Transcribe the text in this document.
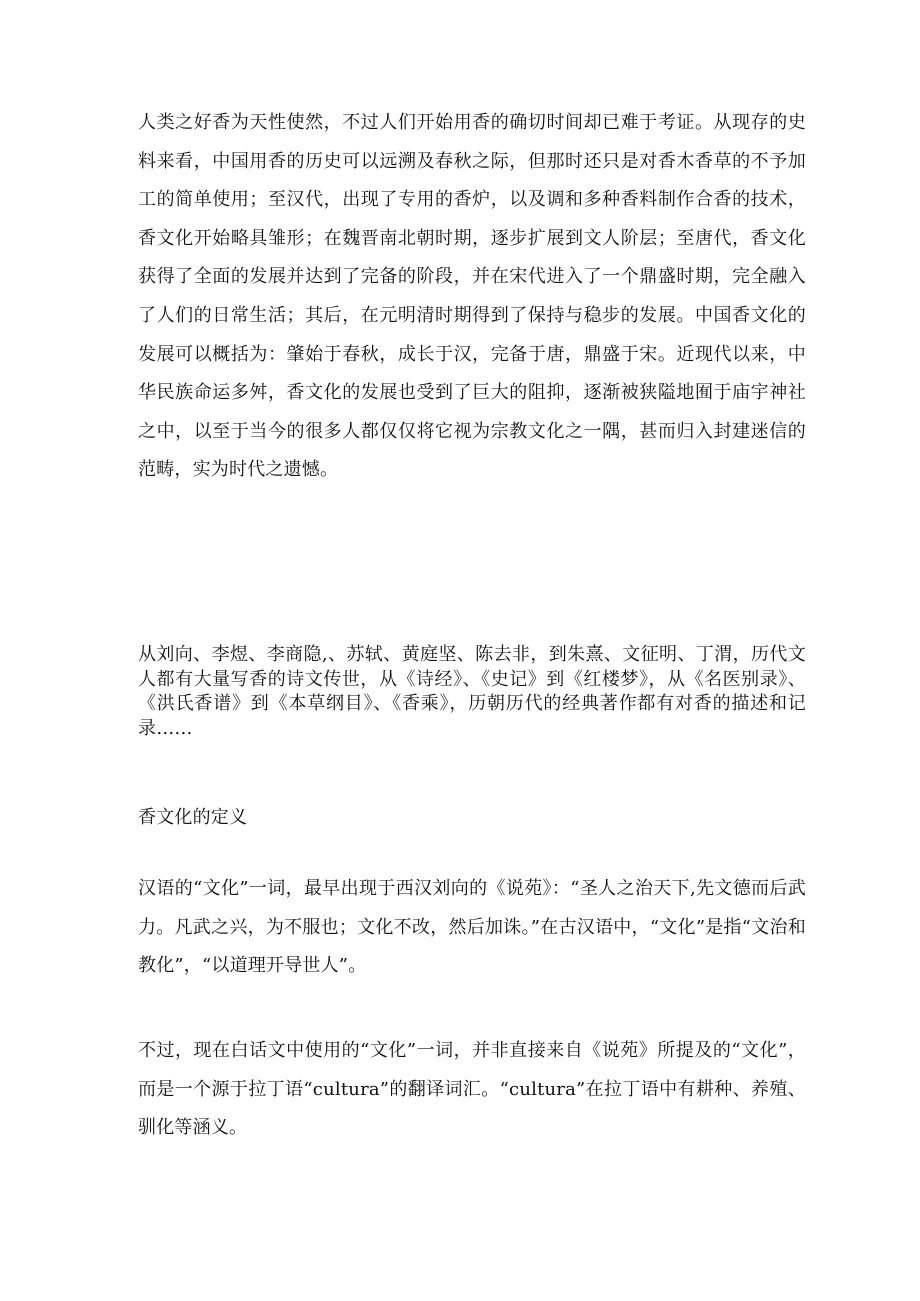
人类之好香为天性使然，不过人们开始用香的确切时间却已难于考证。从现存的史料来看，中国用香的历史可以远溯及春秋之际，但那时还只是对香木香草的不予加工的简单使用；至汉代，出现了专用的香炉，以及调和多种香料制作合香的技术，香文化开始略具雏形；在魏晋南北朝时期，逐步扩展到文人阶层；至唐代，香文化获得了全面的发展并达到了完备的阶段，并在宋代进入了一个鼎盛时期，完全融入了人们的日常生活；其后，在元明清时期得到了保持与稳步的发展。中国香文化的发展可以概括为：肇始于春秋，成长于汉，完备于唐，鼎盛于宋。近现代以来，中华民族命运多舛，香文化的发展也受到了巨大的阻抑，逐渐被狭隘地囿于庙宇神社之中，以至于当今的很多人都仅仅将它视为宗教文化之一隅，甚而归入封建迷信的范畴，实为时代之遗憾。

从刘向、李煜、李商隐,、苏轼、黄庭坚、陈去非，到朱熹、文征明、丁渭，历代文人都有大量写香的诗文传世，从《诗经》、《史记》到《红楼梦》，从《名医别录》、《洪氏香谱》到《本草纲目》、《香乘》，历朝历代的经典著作都有对香的描述和记录……

香文化的定义

汉语的“文化”一词，最早出现于西汉刘向的《说苑》：“圣人之治天下,先文德而后武力。凡武之兴，为不服也；文化不改，然后加诛。”在古汉语中，“文化”是指“文治和教化”，“以道理开导世人”。

不过，现在白话文中使用的“文化”一词，并非直接来自《说苑》所提及的“文化”，而是一个源于拉丁语“cultura”的翻译词汇。“cultura”在拉丁语中有耕种、养殖、驯化等涵义。
